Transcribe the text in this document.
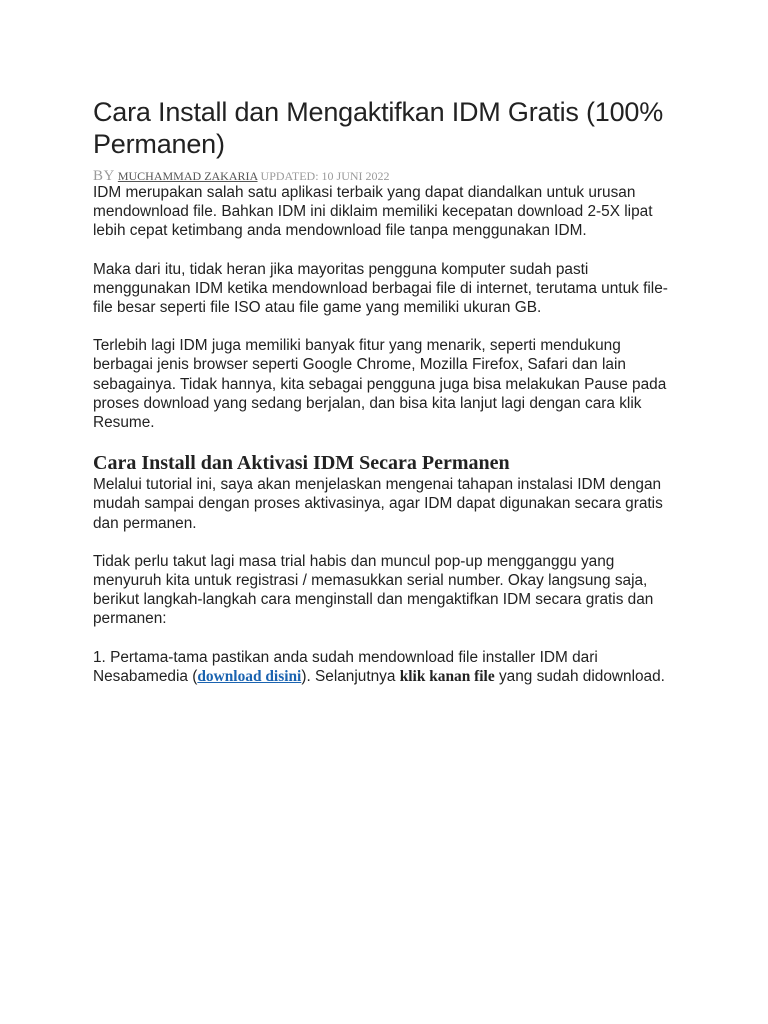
Cara Install dan Mengaktifkan IDM Gratis (100% Permanen)
BY MUCHAMMAD ZAKARIA UPDATED: 10 JUNI 2022

IDM merupakan salah satu aplikasi terbaik yang dapat diandalkan untuk urusan mendownload file. Bahkan IDM ini diklaim memiliki kecepatan download 2-5X lipat lebih cepat ketimbang anda mendownload file tanpa menggunakan IDM.

Maka dari itu, tidak heran jika mayoritas pengguna komputer sudah pasti menggunakan IDM ketika mendownload berbagai file di internet, terutama untuk file-file besar seperti file ISO atau file game yang memiliki ukuran GB.

Terlebih lagi IDM juga memiliki banyak fitur yang menarik, seperti mendukung berbagai jenis browser seperti Google Chrome, Mozilla Firefox, Safari dan lain sebagainya. Tidak hannya, kita sebagai pengguna juga bisa melakukan Pause pada proses download yang sedang berjalan, dan bisa kita lanjut lagi dengan cara klik Resume.

Cara Install dan Aktivasi IDM Secara Permanen

Melalui tutorial ini, saya akan menjelaskan mengenai tahapan instalasi IDM dengan mudah sampai dengan proses aktivasinya, agar IDM dapat digunakan secara gratis dan permanen.

Tidak perlu takut lagi masa trial habis dan muncul pop-up mengganggu yang menyuruh kita untuk registrasi / memasukkan serial number. Okay langsung saja, berikut langkah-langkah cara menginstall dan mengaktifkan IDM secara gratis dan permanen:

1. Pertama-tama pastikan anda sudah mendownload file installer IDM dari Nesabamedia (download disini). Selanjutnya klik kanan file yang sudah didownload.
